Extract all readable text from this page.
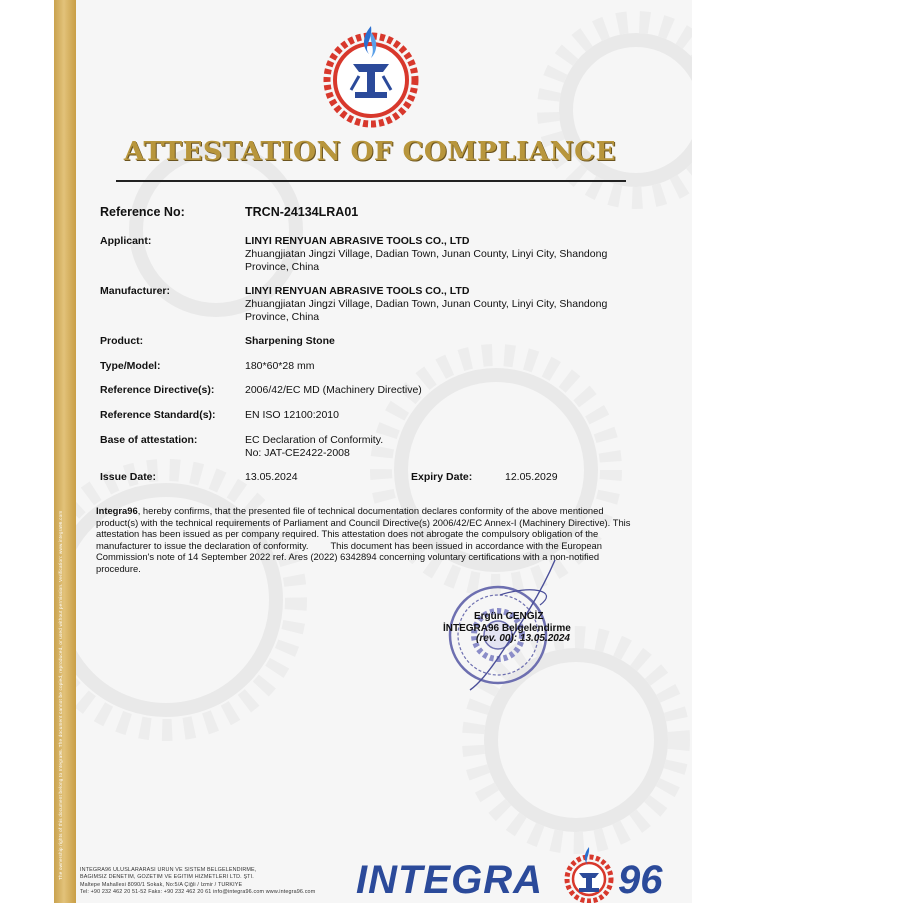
The ownership rights of this document belong to Integra96. The document cannot be copied, reproduced, or used without permission. Verification: www.integra96.com
ATTESTATION OF COMPLIANCE
Reference No:	TRCN-24134LRA01
Applicant:	LINYI RENYUAN ABRASIVE TOOLS CO., LTD
Zhuangjiatan Jingzi Village, Dadian Town, Junan County, Linyi City, Shandong
Province, China
Manufacturer:	LINYI RENYUAN ABRASIVE TOOLS CO., LTD
Zhuangjiatan Jingzi Village, Dadian Town, Junan County, Linyi City, Shandong
Province, China
Product:	Sharpening Stone
Type/Model:	180*60*28 mm
Reference Directive(s):	2006/42/EC MD (Machinery Directive)
Reference Standard(s):	EN ISO 12100:2010
Base of attestation:	EC Declaration of Conformity.
No: JAT-CE2422-2008
Issue Date:	13.05.2024	Expiry Date:	12.05.2029
Integra96, hereby confirms, that the presented file of technical documentation declares conformity of the above mentioned
product(s) with the technical requirements of Parliament and Council Directive(s) 2006/42/EC Annex-I (Machinery Directive). This
attestation has been issued as per company required. This attestation does not abrogate the compulsory obligation of the
manufacturer to issue the declaration of conformity. This document has been issued in accordance with the European
Commission's note of 14 September 2022 ref. Ares (2022) 6342894 concerning voluntary certifications with a non-notified
procedure.
Ergün CENGİZ
İNTEGRA96 Belgelendirme
(rev. 00): 13.05.2024
İNTEGRA96 ULUSLARARASI ÜRÜN VE SİSTEM BELGELENDİRME,
BAĞIMSIZ DENETİM, GÖZETİM VE EĞİTİM HİZMETLERİ LTD. ŞTİ.
Maltepe Mahallesi 8090/1 Sokak, No:5/A Çiğli / İzmir / TÜRKİYE
Tel: +90 232 462 20 51-52 Faks: +90 232 462 20 61 info@integra96.com www.integra96.com	INTEGRA 96
